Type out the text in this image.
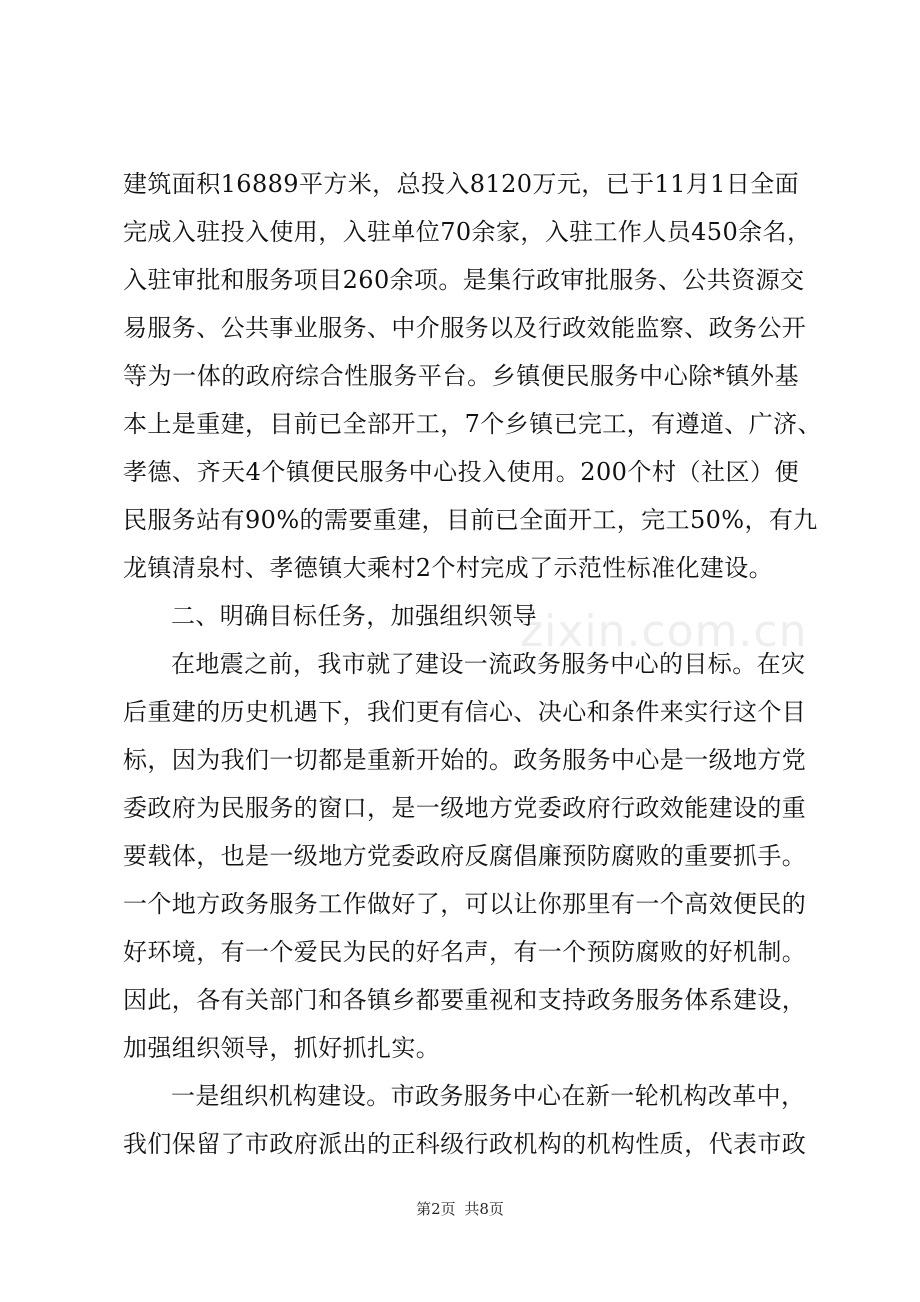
zixin.com.cn
建筑面积16889平方米，总投入8120万元，已于11月1日全面
完成入驻投入使用，入驻单位70余家，入驻工作人员450余名，
入驻审批和服务项目260余项。是集行政审批服务、公共资源交
易服务、公共事业服务、中介服务以及行政效能监察、政务公开
等为一体的政府综合性服务平台。乡镇便民服务中心除*镇外基
本上是重建，目前已全部开工，7个乡镇已完工，有遵道、广济、
孝德、齐天4个镇便民服务中心投入使用。200个村（社区）便
民服务站有90%的需要重建，目前已全面开工，完工50%，有九
龙镇清泉村、孝德镇大乘村2个村完成了示范性标准化建设。
二、明确目标任务，加强组织领导
在地震之前，我市就了建设一流政务服务中心的目标。在灾
后重建的历史机遇下，我们更有信心、决心和条件来实行这个目
标，因为我们一切都是重新开始的。政务服务中心是一级地方党
委政府为民服务的窗口，是一级地方党委政府行政效能建设的重
要载体，也是一级地方党委政府反腐倡廉预防腐败的重要抓手。
一个地方政务服务工作做好了，可以让你那里有一个高效便民的
好环境，有一个爱民为民的好名声，有一个预防腐败的好机制。
因此，各有关部门和各镇乡都要重视和支持政务服务体系建设，
加强组织领导，抓好抓扎实。
一是组织机构建设。市政务服务中心在新一轮机构改革中，
我们保留了市政府派出的正科级行政机构的机构性质，代表市政
第2页 共8页
